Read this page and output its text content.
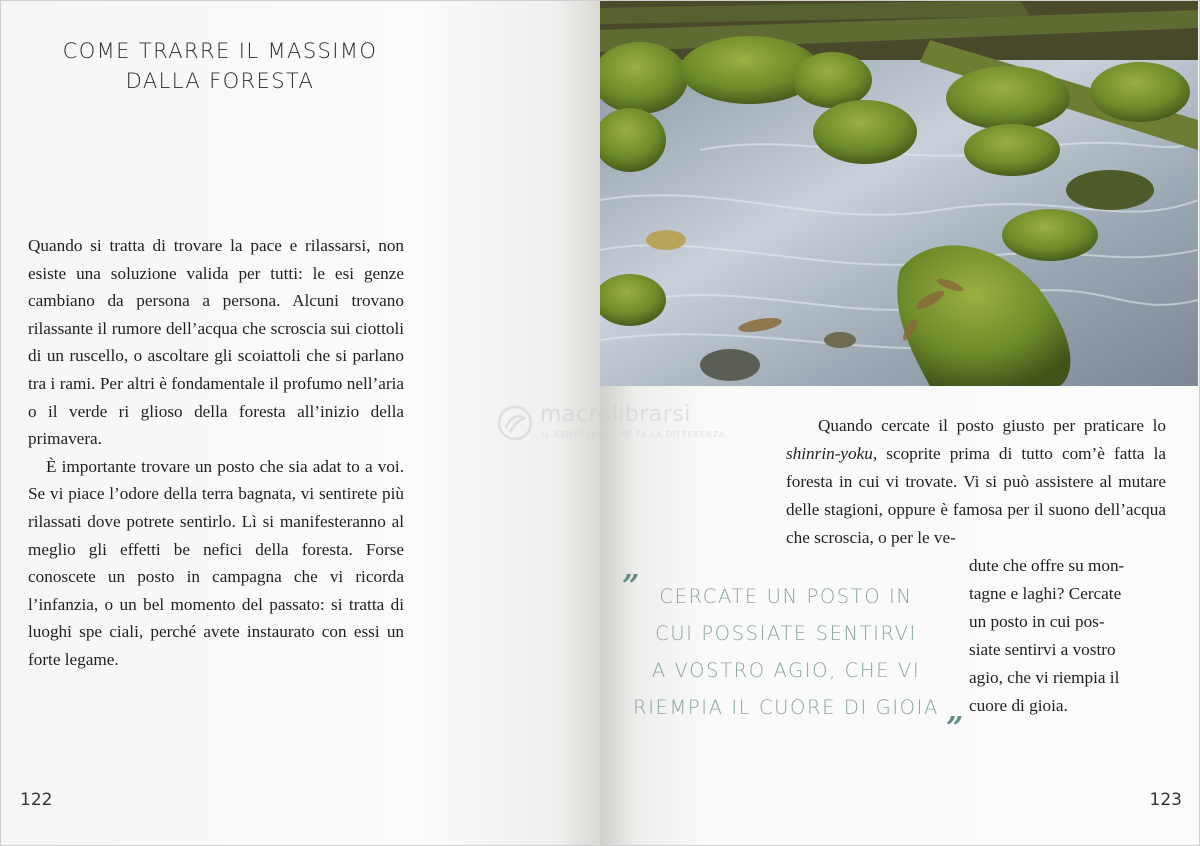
COME TRARRE IL MASSIMO
DALLA FORESTA

Quando si tratta di trovare la pace e rilassarsi, non esiste una soluzione valida per tutti: le esi genze cambiano da persona a persona. Alcuni trovano rilassante il rumore dell’acqua che scroscia sui ciottoli di un ruscello, o ascoltare gli scoiattoli che si parlano tra i rami. Per altri è fondamentale il profumo nell’aria o il verde ri glioso della foresta all’inizio della primavera.

È importante trovare un posto che sia adat to a voi. Se vi piace l’odore della terra bagnata, vi sentirete più rilassati dove potrete sentirlo. Lì si manifesteranno al meglio gli effetti be nefici della foresta. Forse conoscete un posto in campagna che vi ricorda l’infanzia, o un bel momento del passato: si tratta di luoghi spe ciali, perché avete instaurato con essi un forte legame.

122	123

Quando cercate il posto giusto per praticare lo shinrin-yoku, scoprite prima di tutto com’è fatta la foresta in cui vi trovate. Vi si può assistere al mutare delle stagioni, oppure è famosa per il suono dell’acqua che scroscia, o per le ve-

dute che offre su mon-
tagne e laghi? Cercate
un posto in cui pos-
siate sentirvi a vostro
agio, che vi riempia il
cuore di gioia.
”	CERCATE UN POSTO IN
CUI POSSIATE SENTIRVI
A VOSTRO AGIO, CHE VI
RIEMPIA IL CUORE DI GIOIA
”
macrolibrarsi
IL BENESSERE CHE FA LA DIFFERENZA
